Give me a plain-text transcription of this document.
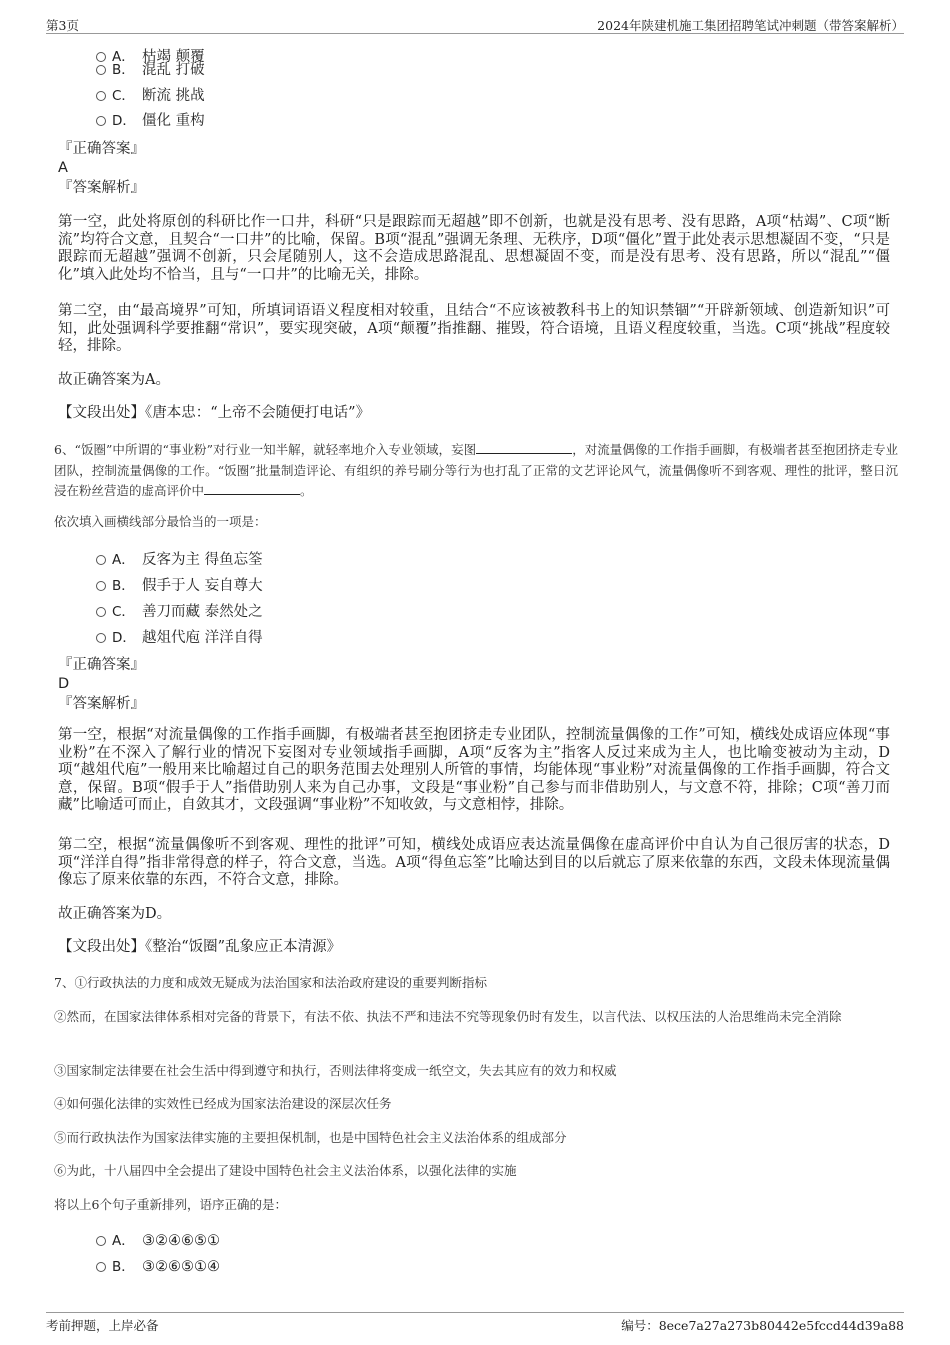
第3页	2024年陕建机施工集团招聘笔试冲刺题（带答案解析）
A． 枯竭 颠覆
B． 混乱 打破
C． 断流 挑战
D． 僵化 重构
『正确答案』
A
『答案解析』
第一空，此处将原创的科研比作一口井，科研“只是跟踪而无超越”即不创新，也就是没有思考、没有思路，A项“枯竭”、C项“断流”均符合文意，且契合“一口井”的比喻，保留。B项“混乱”强调无条理、无秩序，D项“僵化”置于此处表示思想凝固不变，“只是跟踪而无超越”强调不创新，只会尾随别人，这不会造成思路混乱、思想凝固不变，而是没有思考、没有思路，所以“混乱”“僵化”填入此处均不恰当，且与“一口井”的比喻无关，排除。
第二空，由“最高境界”可知，所填词语语义程度相对较重，且结合“不应该被教科书上的知识禁锢”“开辟新领域、创造新知识”可知，此处强调科学要推翻“常识”，要实现突破，A项“颠覆”指推翻、摧毁，符合语境，且语义程度较重，当选。C项“挑战”程度较轻，排除。
故正确答案为A。
【文段出处】《唐本忠：“上帝不会随便打电话”》
6、“饭圈”中所谓的“事业粉”对行业一知半解，就轻率地介入专业领域，妄图	，对流量偶像的工作指手画脚，有极端者甚至抱团挤走专业团队，控制流量偶像的工作。“饭圈”批量制造评论、有组织的养号刷分等行为也打乱了正常的文艺评论风气，流量偶像听不到客观、理性的批评，整日沉浸在粉丝营造的虚高评价中	。
依次填入画横线部分最恰当的一项是：
A． 反客为主 得鱼忘筌
B． 假手于人 妄自尊大
C． 善刀而藏 泰然处之
D． 越俎代庖 洋洋自得
『正确答案』
D
『答案解析』
第一空，根据“对流量偶像的工作指手画脚，有极端者甚至抱团挤走专业团队，控制流量偶像的工作”可知，横线处成语应体现“事业粉”在不深入了解行业的情况下妄图对专业领域指手画脚，A项“反客为主”指客人反过来成为主人，也比喻变被动为主动，D项“越俎代庖”一般用来比喻超过自己的职务范围去处理别人所管的事情，均能体现“事业粉”对流量偶像的工作指手画脚，符合文意，保留。B项“假手于人”指借助别人来为自己办事，文段是“事业粉”自己参与而非借助别人，与文意不符，排除；C项“善刀而藏”比喻适可而止，自敛其才，文段强调“事业粉”不知收敛，与文意相悖，排除。
第二空，根据“流量偶像听不到客观、理性的批评”可知，横线处成语应表达流量偶像在虚高评价中自认为自己很厉害的状态，D项“洋洋自得”指非常得意的样子，符合文意，当选。A项“得鱼忘筌”比喻达到目的以后就忘了原来依靠的东西，文段未体现流量偶像忘了原来依靠的东西，不符合文意，排除。
故正确答案为D。
【文段出处】《整治“饭圈”乱象应正本清源》
7、①行政执法的力度和成效无疑成为法治国家和法治政府建设的重要判断指标
②然而，在国家法律体系相对完备的背景下，有法不依、执法不严和违法不究等现象仍时有发生，以言代法、以权压法的人治思维尚未完全消除
③国家制定法律要在社会生活中得到遵守和执行，否则法律将变成一纸空文，失去其应有的效力和权威
④如何强化法律的实效性已经成为国家法治建设的深层次任务
⑤而行政执法作为国家法律实施的主要担保机制，也是中国特色社会主义法治体系的组成部分
⑥为此，十八届四中全会提出了建设中国特色社会主义法治体系，以强化法律的实施
将以上6个句子重新排列，语序正确的是：
A． ③②④⑥⑤①
B． ③②⑥⑤①④
考前押题，上岸必备	编号：8ece7a27a273b80442e5fccd44d39a88
